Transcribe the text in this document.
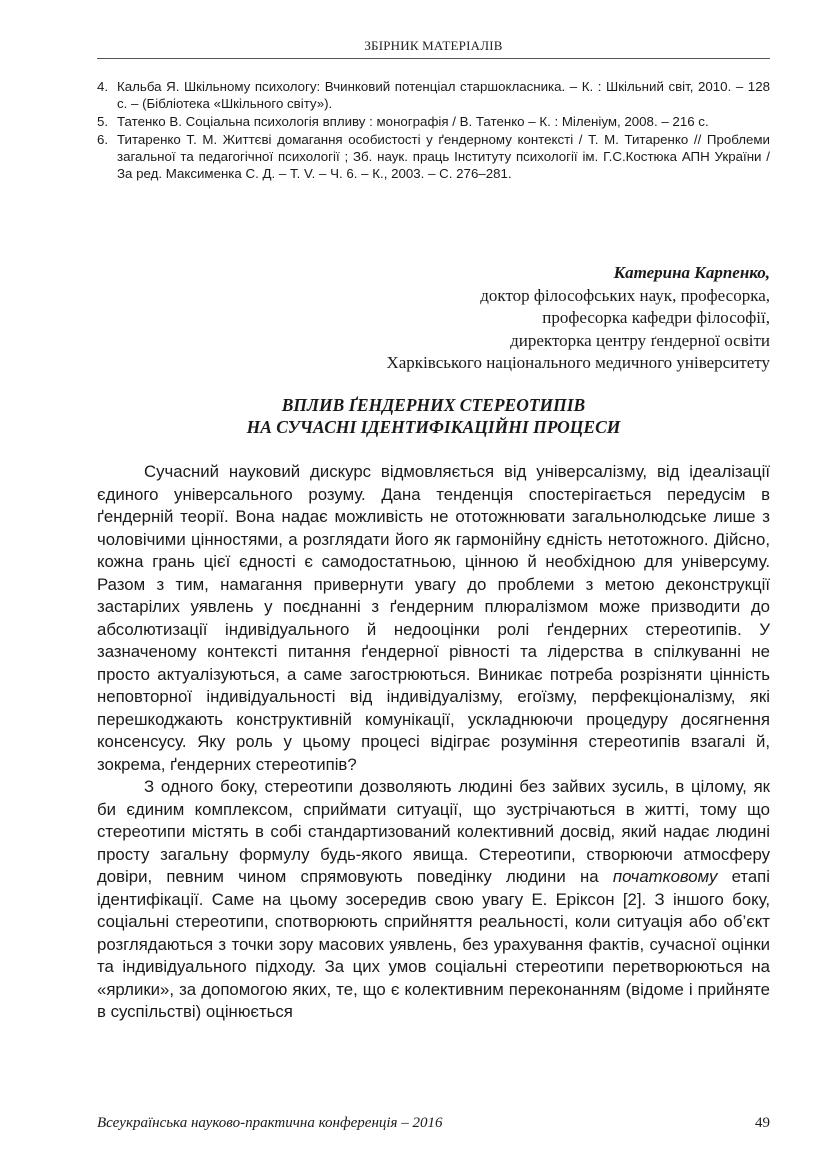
ЗБІРНИК МАТЕРІАЛІВ
4. Кальба Я. Шкільному психологу: Вчинковий потенціал старшокласника. – К. : Шкільний світ, 2010. – 128 с. – (Бібліотека «Шкільного світу»).
5. Татенко В. Соціальна психологія впливу : монографія / В. Татенко – К. : Міленіум, 2008. – 216 с.
6. Титаренко Т. М. Життєві домагання особистості у ґендерному контексті / Т. М. Титаренко // Проблеми загальної та педагогічної психології ; Зб. наук. праць Інституту психології ім. Г.С.Костюка АПН України / За ред. Максименка С. Д. – Т. V. – Ч. 6. – К., 2003. – С. 276–281.
Катерина Карпенко,
доктор філософських наук, професорка,
професорка кафедри філософії,
директорка центру ґендерної освіти
Харківського національного медичного університету
ВПЛИВ ҐЕНДЕРНИХ СТЕРЕОТИПІВ
НА СУЧАСНІ ІДЕНТИФІКАЦІЙНІ ПРОЦЕСИ

Сучасний науковий дискурс відмовляється від універсалізму, від ідеалізації єдиного універсального розуму. Дана тенденція спостерігається передусім в ґендерній теорії. Вона надає можливість не ототожнювати загальнолюдське лише з чоловічими цінностями, а розглядати його як гармонійну єдність нетотожного. Дійсно, кожна грань цієї єдності є самодостатньою, цінною й необхідною для універсуму. Разом з тим, намагання привернути увагу до проблеми з метою деконструкції застарілих уявлень у поєднанні з ґендерним плюралізмом може призводити до абсолютизації індивідуального й недооцінки ролі ґендерних стереотипів. У зазначеному контексті питання ґендерної рівності та лідерства в спілкуванні не просто актуалізуються, а саме загострюються. Виникає потреба розрізняти цінність неповторної індивідуальності від індивідуалізму, егоїзму, перфекціоналізму, які перешкоджають конструктивній комунікації, ускладнюючи процедуру досягнення консенсусу. Яку роль у цьому процесі відіграє розуміння стереотипів взагалі й, зокрема, ґендерних стереотипів?

З одного боку, стереотипи дозволяють людині без зайвих зусиль, в цілому, як би єдиним комплексом, сприймати ситуації, що зустрічаються в житті, тому що стереотипи містять в собі стандартизований колективний досвід, який надає людині просту загальну формулу будь-якого явища. Стереотипи, створюючи атмосферу довіри, певним чином спрямовують поведінку людини на початковому етапі ідентифікації. Саме на цьому зосередив свою увагу Е. Еріксон [2]. З іншого боку, соціальні стереотипи, спотворюють сприйняття реальності, коли ситуація або об’єкт розглядаються з точки зору масових уявлень, без урахування фактів, сучасної оцінки та індивідуального підходу. За цих умов соціальні стереотипи перетворюються на «ярлики», за допомогою яких, те, що є колективним переконанням (відоме і прийняте в суспільстві) оцінюється

Всеукраїнська науково-практична конференція – 2016	49
